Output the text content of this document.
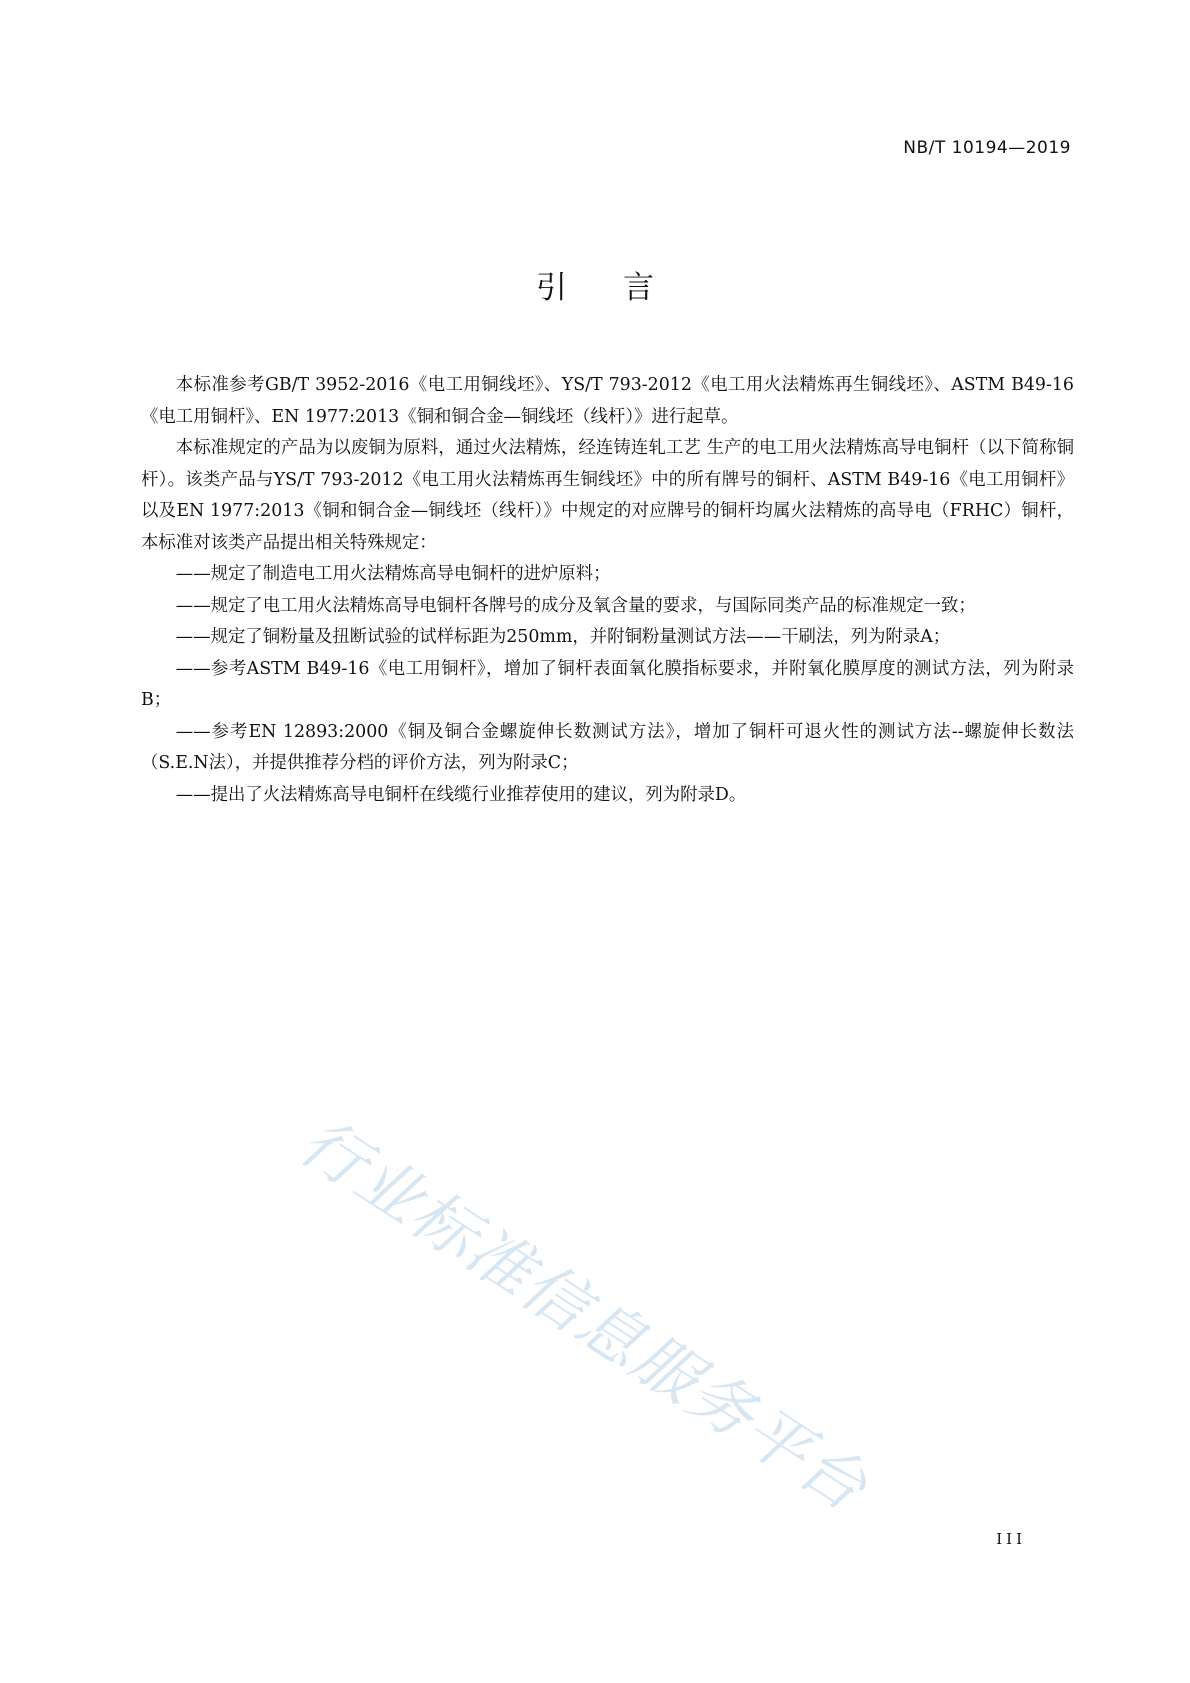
NB/T 10194—2019
引言

本标准参考GB/T 3952-2016《电工用铜线坯》、YS/T 793-2012《电工用火法精炼再生铜线坯》、ASTM B49-16《电工用铜杆》、EN 1977:2013《铜和铜合金—铜线坯（线杆）》进行起草。

本标准规定的产品为以废铜为原料，通过火法精炼，经连铸连轧工艺 生产的电工用火法精炼高导电铜杆（以下简称铜杆）。该类产品与YS/T 793-2012《电工用火法精炼再生铜线坯》中的所有牌号的铜杆、ASTM B49-16《电工用铜杆》以及EN 1977:2013《铜和铜合金—铜线坯（线杆）》中规定的对应牌号的铜杆均属火法精炼的高导电（FRHC）铜杆，本标准对该类产品提出相关特殊规定：

——规定了制造电工用火法精炼高导电铜杆的进炉原料；

——规定了电工用火法精炼高导电铜杆各牌号的成分及氧含量的要求，与国际同类产品的标准规定一致；

——规定了铜粉量及扭断试验的试样标距为250mm，并附铜粉量测试方法——干刷法，列为附录A；

——参考ASTM B49-16《电工用铜杆》，增加了铜杆表面氧化膜指标要求，并附氧化膜厚度的测试方法，列为附录B；

——参考EN 12893:2000《铜及铜合金螺旋伸长数测试方法》，增加了铜杆可退火性的测试方法--螺旋伸长数法（S.E.N法），并提供推荐分档的评价方法，列为附录C；

——提出了火法精炼高导电铜杆在线缆行业推荐使用的建议，列为附录D。

行业标准信息服务平台
III
